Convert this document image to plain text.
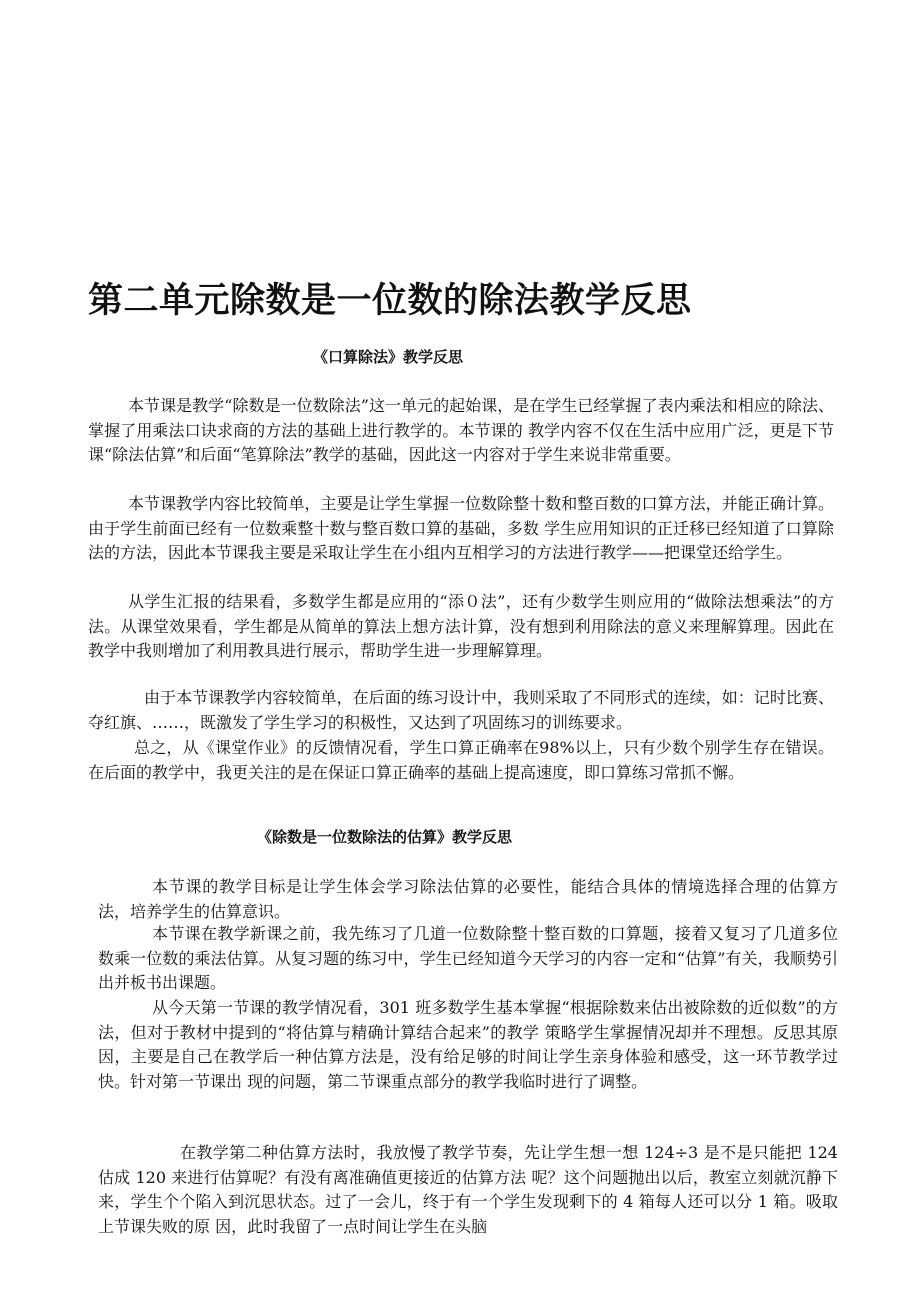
第二单元除数是一位数的除法教学反思
《口算除法》教学反思

本节课是教学“除数是一位数除法”这一单元的起始课，是在学生已经掌握了表内乘法和相应的除法、掌握了用乘法口诀求商的方法的基础上进行教学的。本节课的 教学内容不仅在生活中应用广泛，更是下节课“除法估算”和后面“笔算除法”教学的基础，因此这一内容对于学生来说非常重要。

本节课教学内容比较简单，主要是让学生掌握一位数除整十数和整百数的口算方法，并能正确计算。由于学生前面已经有一位数乘整十数与整百数口算的基础，多数 学生应用知识的正迁移已经知道了口算除法的方法，因此本节课我主要是采取让学生在小组内互相学习的方法进行教学——把课堂还给学生。

从学生汇报的结果看，多数学生都是应用的“添０法”，还有少数学生则应用的“做除法想乘法”的方法。从课堂效果看，学生都是从简单的算法上想方法计算，没有想到利用除法的意义来理解算理。因此在教学中我则增加了利用教具进行展示，帮助学生进一步理解算理。

由于本节课教学内容较简单，在后面的练习设计中，我则采取了不同形式的连续，如：记时比赛、夺红旗、……，既激发了学生学习的积极性，又达到了巩固练习的训练要求。

总之，从《课堂作业》的反馈情况看，学生口算正确率在98%以上，只有少数个别学生存在错误。在后面的教学中，我更关注的是在保证口算正确率的基础上提高速度，即口算练习常抓不懈。

《除数是一位数除法的估算》教学反思

本节课的教学目标是让学生体会学习除法估算的必要性，能结合具体的情境选择合理的估算方法，培养学生的估算意识。

本节课在教学新课之前，我先练习了几道一位数除整十整百数的口算题，接着又复习了几道多位数乘一位数的乘法估算。从复习题的练习中，学生已经知道今天学习的内容一定和“估算”有关，我顺势引出并板书出课题。

从今天第一节课的教学情况看，301 班多数学生基本掌握“根据除数来估出被除数的近似数”的方法，但对于教材中提到的“将估算与精确计算结合起来”的教学 策略学生掌握情况却并不理想。反思其原因，主要是自己在教学后一种估算方法是，没有给足够的时间让学生亲身体验和感受，这一环节教学过快。针对第一节课出 现的问题，第二节课重点部分的教学我临时进行了调整。

在教学第二种估算方法时，我放慢了教学节奏，先让学生想一想 124÷3 是不是只能把 124 估成 120 来进行估算呢？有没有离准确值更接近的估算方法 呢？这个问题抛出以后，教室立刻就沉静下来，学生个个陷入到沉思状态。过了一会儿，终于有一个学生发现剩下的 4 箱每人还可以分 1 箱。吸取上节课失败的原 因，此时我留了一点时间让学生在头脑
